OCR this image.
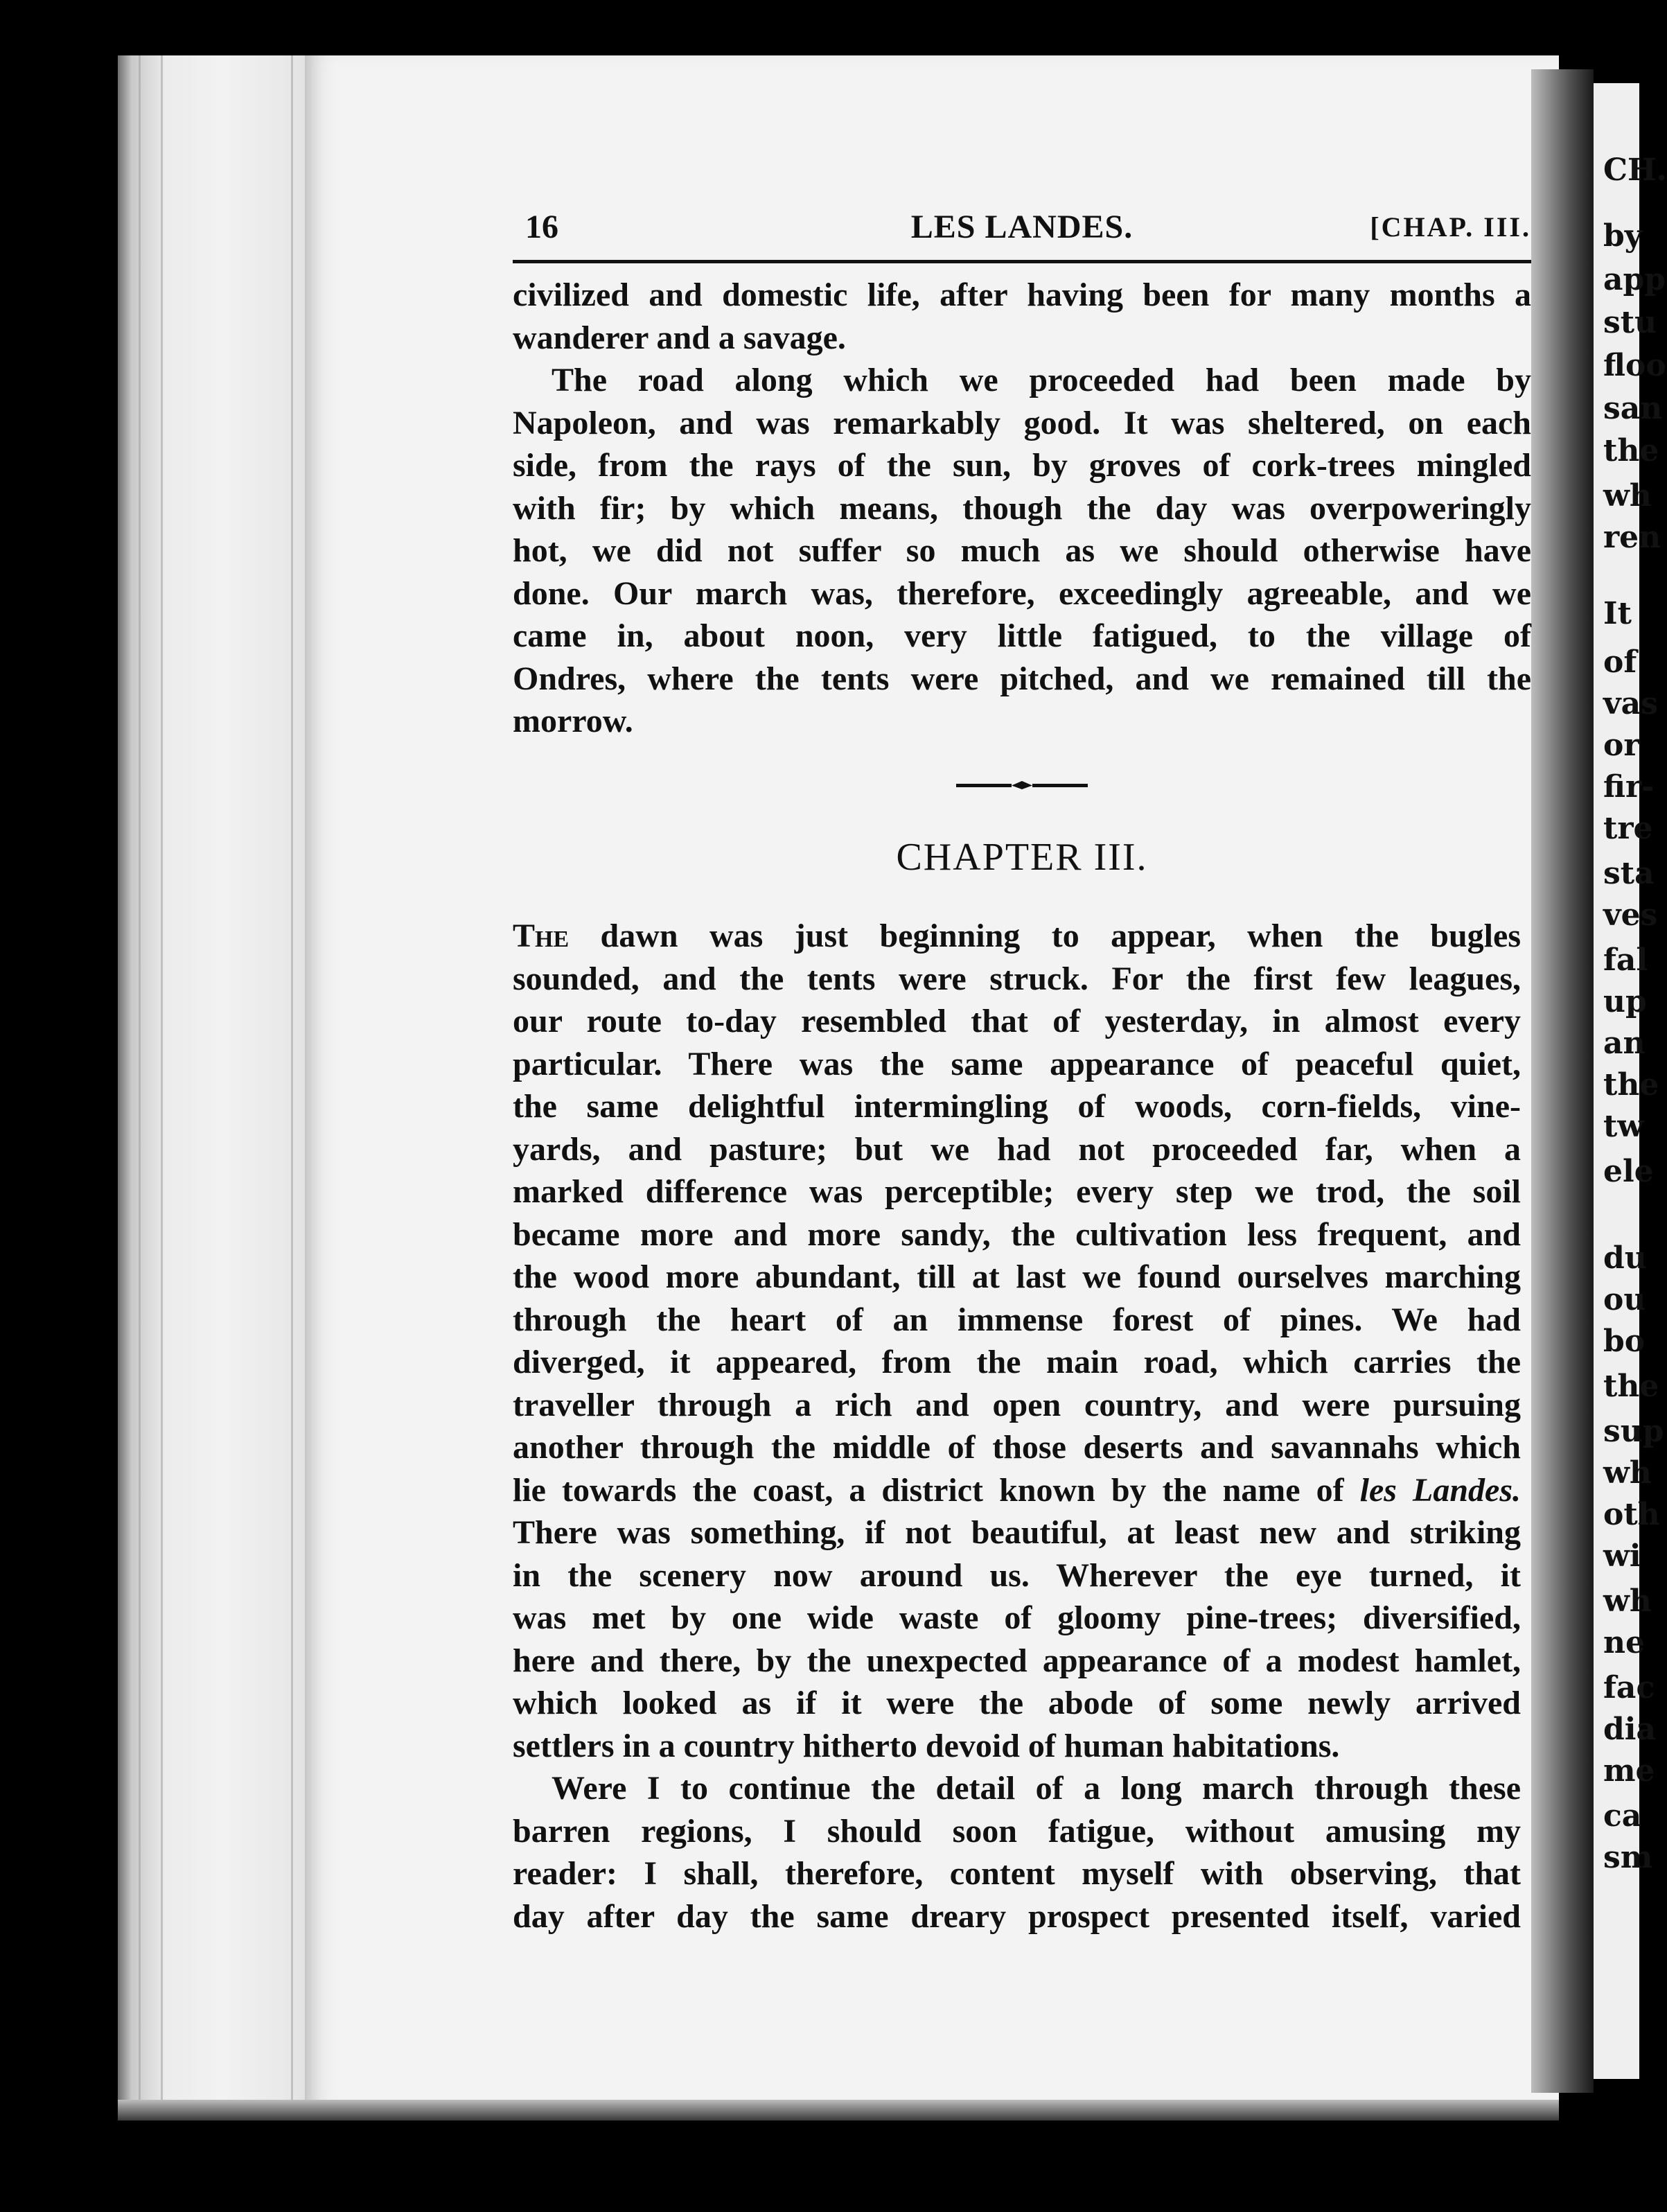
CH.
by
app
stu
floo
san
the
wh
ren
It
of
vas
or
fir-
tre
sta
ves
fal
up
an
the
tw
ele
du
ou
bo
the
sup
wh
oth
wi
wh
ne
fac
dia
me
ca
sm
16	LES LANDES.	[CHAP. III.

civilized and domestic life, after having been for many months a

wanderer and a savage.

The road along which we proceeded had been made by

Napoleon, and was remarkably good. It was sheltered, on each

side, from the rays of the sun, by groves of cork-trees mingled

with fir; by which means, though the day was overpoweringly

hot, we did not suffer so much as we should otherwise have

done. Our march was, therefore, exceedingly agreeable, and we

came in, about noon, very little fatigued, to the village of

Ondres, where the tents were pitched, and we remained till the

morrow.

CHAPTER III.

The dawn was just beginning to appear, when the bugles

sounded, and the tents were struck. For the first few leagues,

our route to-day resembled that of yesterday, in almost every

particular. There was the same appearance of peaceful quiet,

the same delightful intermingling of woods, corn-fields, vine-

yards, and pasture; but we had not proceeded far, when a

marked difference was perceptible; every step we trod, the soil

became more and more sandy, the cultivation less frequent, and

the wood more abundant, till at last we found ourselves marching

through the heart of an immense forest of pines. We had

diverged, it appeared, from the main road, which carries the

traveller through a rich and open country, and were pursuing

another through the middle of those deserts and savannahs which

lie towards the coast, a district known by the name of les Landes.

There was something, if not beautiful, at least new and striking

in the scenery now around us. Wherever the eye turned, it

was met by one wide waste of gloomy pine-trees; diversified,

here and there, by the unexpected appearance of a modest hamlet,

which looked as if it were the abode of some newly arrived

settlers in a country hitherto devoid of human habitations.

Were I to continue the detail of a long march through these

barren regions, I should soon fatigue, without amusing my

reader: I shall, therefore, content myself with observing, that

day after day the same dreary prospect presented itself, varied
